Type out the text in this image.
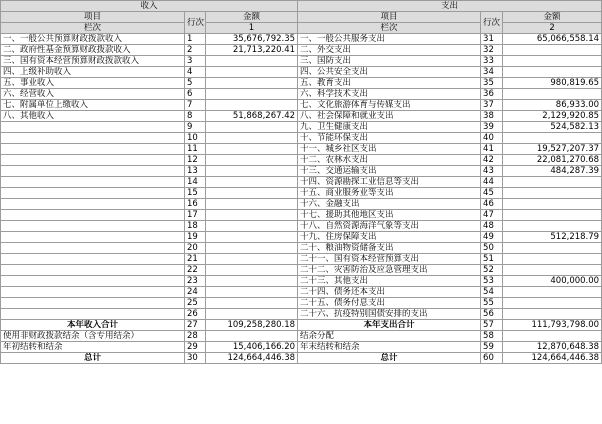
收入			支出		
项目	行次	金额	项目	行次	金额
栏次		1	栏次		2
一、一般公共预算财政拨款收入	1	35,676,792.35	一、一般公共服务支出	31	65,066,558.14
二、政府性基金预算财政拨款收入	2	21,713,220.41	二、外交支出	32	
三、国有资本经营预算财政拨款收入	3		三、国防支出	33	
四、上级补助收入	4		四、公共安全支出	34	
五、事业收入	5		五、教育支出	35	980,819.65
六、经营收入	6		六、科学技术支出	36	
七、附属单位上缴收入	7		七、文化旅游体育与传媒支出	37	86,933.00
八、其他收入	8	51,868,267.42	八、社会保障和就业支出	38	2,129,920.85
	9		九、卫生健康支出	39	524,582.13
	10		十、节能环保支出	40	
	11		十一、城乡社区支出	41	19,527,207.37
	12		十二、农林水支出	42	22,081,270.68
	13		十三、交通运输支出	43	484,287.39
	14		十四、资源勘探工业信息等支出	44	
	15		十五、商业服务业等支出	45	
	16		十六、金融支出	46	
	17		十七、援助其他地区支出	47	
	18		十八、自然资源海洋气象等支出	48	
	19		十九、住房保障支出	49	512,218.79
	20		二十、粮油物资储备支出	50	
	21		二十一、国有资本经营预算支出	51	
	22		二十二、灾害防治及应急管理支出	52	
	23		二十三、其他支出	53	400,000.00
	24		二十四、债务还本支出	54	
	25		二十五、债务付息支出	55	
	26		二十六、抗疫特别国债安排的支出	56	
本年收入合计	27	109,258,280.18	本年支出合计	57	111,793,798.00
使用非财政拨款结余（含专用结余）	28		结余分配	58	
年初结转和结余	29	15,406,166.20	年末结转和结余	59	12,870,648.38
总计	30	124,664,446.38	总计	60	124,664,446.38
